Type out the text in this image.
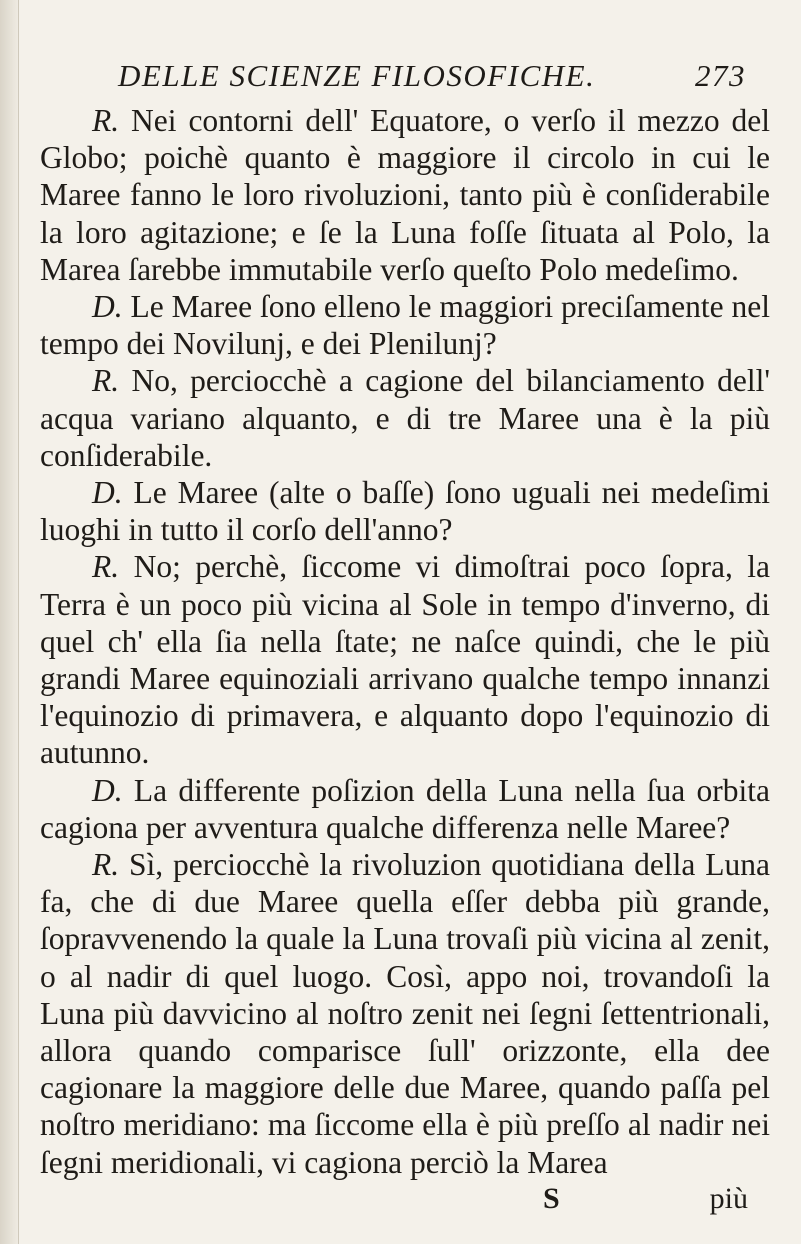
DELLE SCIENZE FILOSOFICHE.	273

R. Nei contorni dell' Equatore, o verſo il mezzo del Globo; poichè quanto è maggiore il circolo in cui le Maree fanno le loro rivoluzioni, tanto più è conſiderabile la loro agitazione; e ſe la Luna foſſe ſituata al Polo, la Marea ſarebbe immutabile verſo queſto Polo medeſimo.

D. Le Maree ſono elleno le maggiori preciſamente nel tempo dei Novilunj, e dei Plenilunj?

R. No, perciocchè a cagione del bilanciamento dell' acqua variano alquanto, e di tre Maree una è la più conſiderabile.

D. Le Maree (alte o baſſe) ſono uguali nei medeſimi luoghi in tutto il corſo dell'anno?

R. No; perchè, ſiccome vi dimoſtrai poco ſopra, la Terra è un poco più vicina al Sole in tempo d'inverno, di quel ch' ella ſia nella ſtate; ne naſce quindi, che le più grandi Maree equinoziali arrivano qualche tempo innanzi l'equinozio di primavera, e alquanto dopo l'equinozio di autunno.

D. La differente poſizion della Luna nella ſua orbita cagiona per avventura qualche differenza nelle Maree?

R. Sì, perciocchè la rivoluzion quotidiana della Luna fa, che di due Maree quella eſſer debba più grande, ſopravvenendo la quale la Luna trovaſi più vicina al zenit, o al nadir di quel luogo. Così, appo noi, trovandoſi la Luna più davvicino al noſtro zenit nei ſegni ſettentrionali, allora quando comparisce ſull' orizzonte, ella dee cagionare la maggiore delle due Maree, quando paſſa pel noſtro meridiano: ma ſiccome ella è più preſſo al nadir nei ſegni meridionali, vi cagiona perciò la Marea

S	più
